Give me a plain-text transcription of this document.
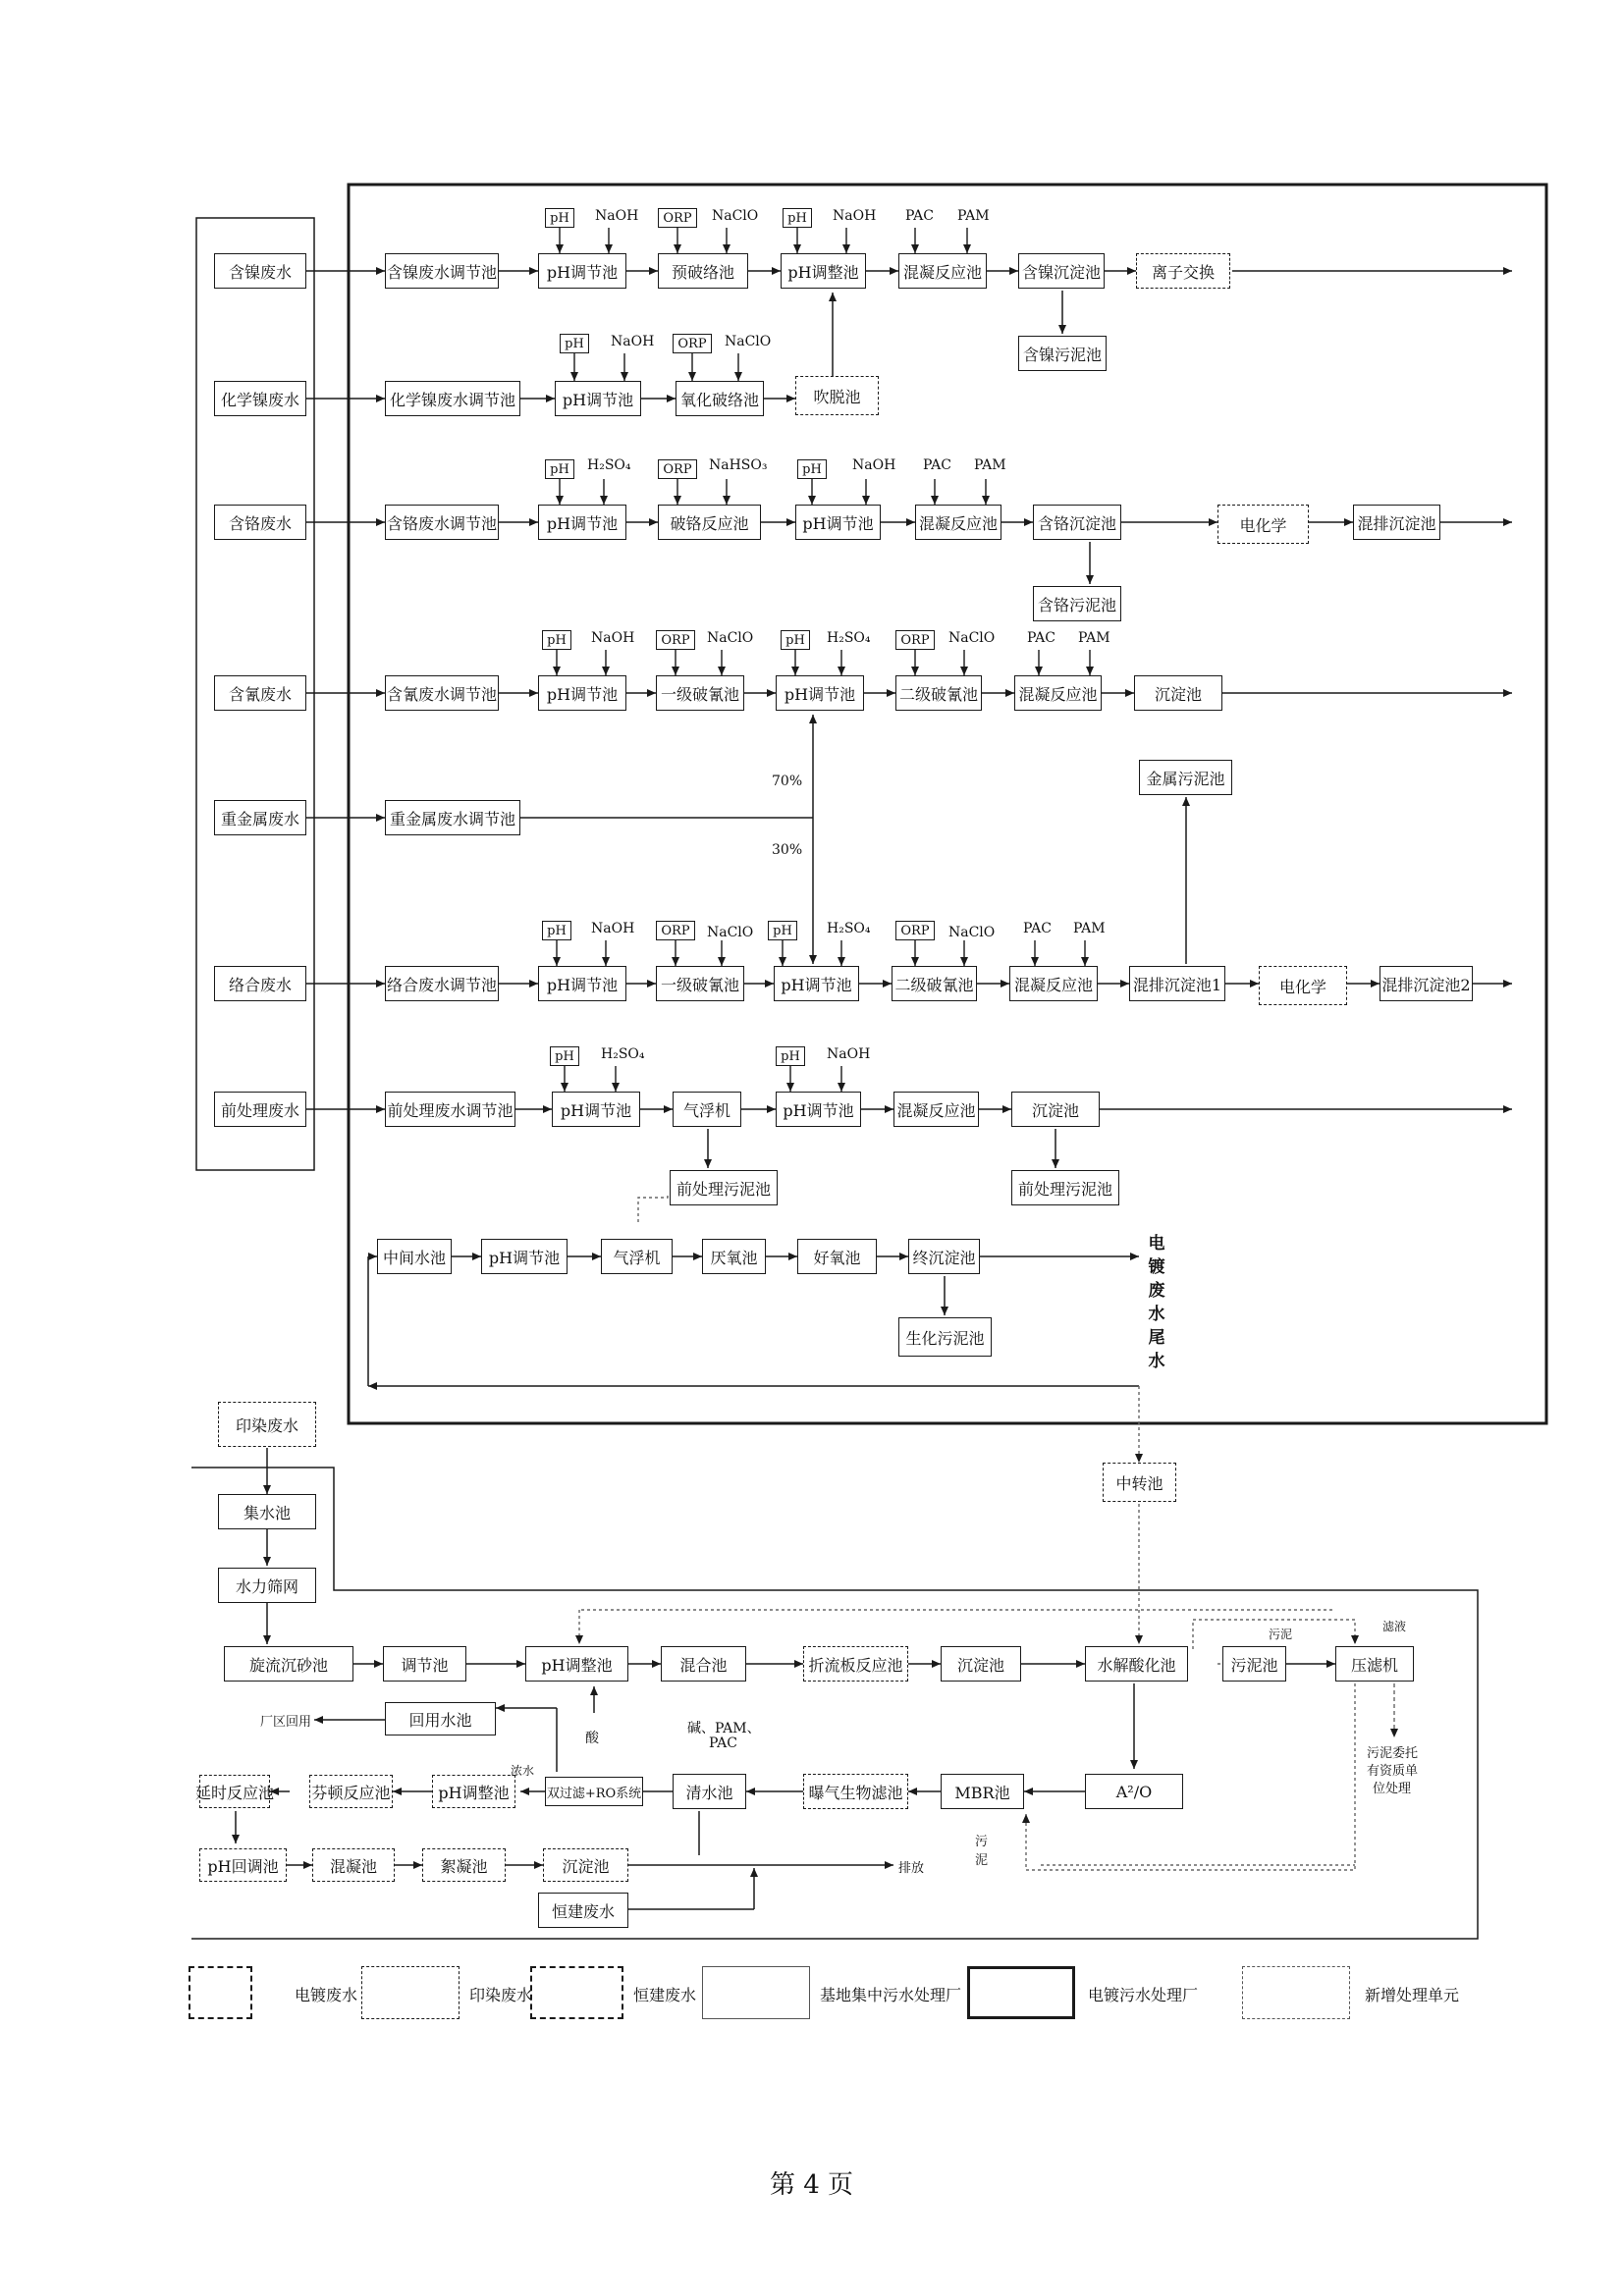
含镍废水
化学镍废水
含铬废水
含氰废水
重金属废水
络合废水
前处理废水
含镍废水调节池	pH调节池	预破络池	pH调整池	混凝反应池	含镍沉淀池	离子交换
含镍污泥池
pH	ORP	pH
NaOH	NaClO	NaOH PAC PAM
化学镍废水调节池	pH调节池	氧化破络池	吹脱池
pH	ORP
NaOH	NaClO
含铬废水调节池	pH调节池	破铬反应池	pH调节池	混凝反应池	含铬沉淀池	电化学	混排沉淀池
含铬污泥池
pH	ORP	pH
H₂SO₄	NaHSO₃	NaOH PAC PAM
含氰废水调节池	pH调节池	一级破氰池	pH调节池	二级破氰池	混凝反应池	沉淀池
金属污泥池
pH	ORP	pH	ORP
NaOH	NaClO	H₂SO₄	NaClO PAC PAM
重金属废水调节池
70%
30%
络合废水调节池	pH调节池	一级破氰池	pH调节池	二级破氰池	混凝反应池	混排沉淀池1	电化学	混排沉淀池2
pH	ORP	pH	ORP
NaOH	NaClO	H₂SO₄	NaClO PAC PAM
前处理废水调节池	pH调节池	气浮机	pH调节池	混凝反应池	沉淀池
前处理污泥池	前处理污泥池
pH	pH
H₂SO₄	NaOH
中间水池	pH调节池	气浮机	厌氧池	好氧池	终沉淀池
生化污泥池
电镀废水尾水
印染废水
中转池
集水池
水力筛网
旋流沉砂池	调节池	pH调整池	混合池	折流板反应池	沉淀池	水解酸化池	污泥池	压滤机
A²/O
MBR池
曝气生物滤池
清水池
双过滤+RO系统
回用水池
pH调整池
芬顿反应池
延时反应池
pH回调池	混凝池	絮凝池	沉淀池
恒建废水
酸
碱、PAM、
PAC
滤液
污泥
污泥委托
有资质单
位处理
浓水
厂区回用
排放
污
泥
电镀废水	印染废水	恒建废水	基地集中污水处理厂	电镀污水处理厂	新增处理单元
第 4 页
